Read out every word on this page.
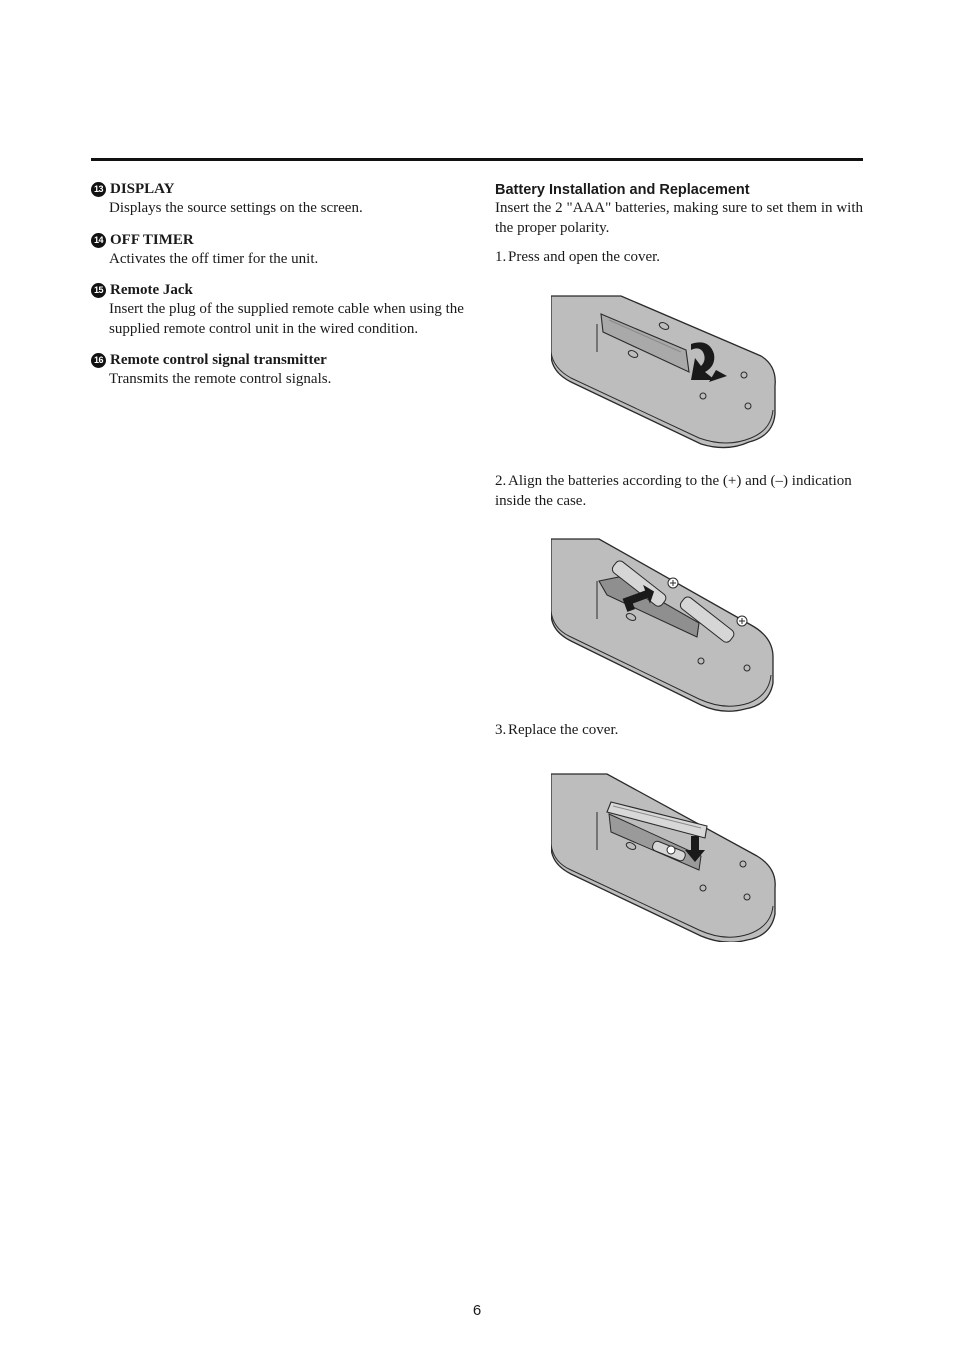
13 DISPLAY
Displays the source settings on the screen.
14 OFF TIMER
Activates the off timer for the unit.
15 Remote Jack
Insert the plug of the supplied remote cable when using the supplied remote control unit in the wired condition.
16 Remote control signal transmitter
Transmits the remote control signals.
Battery Installation and Replacement
Insert the 2 "AAA" batteries, making sure to set them in with the proper polarity.
1. Press and open the cover.
2. Align the batteries according to the (+) and (–) indication inside the case.
3. Replace the cover.
6
